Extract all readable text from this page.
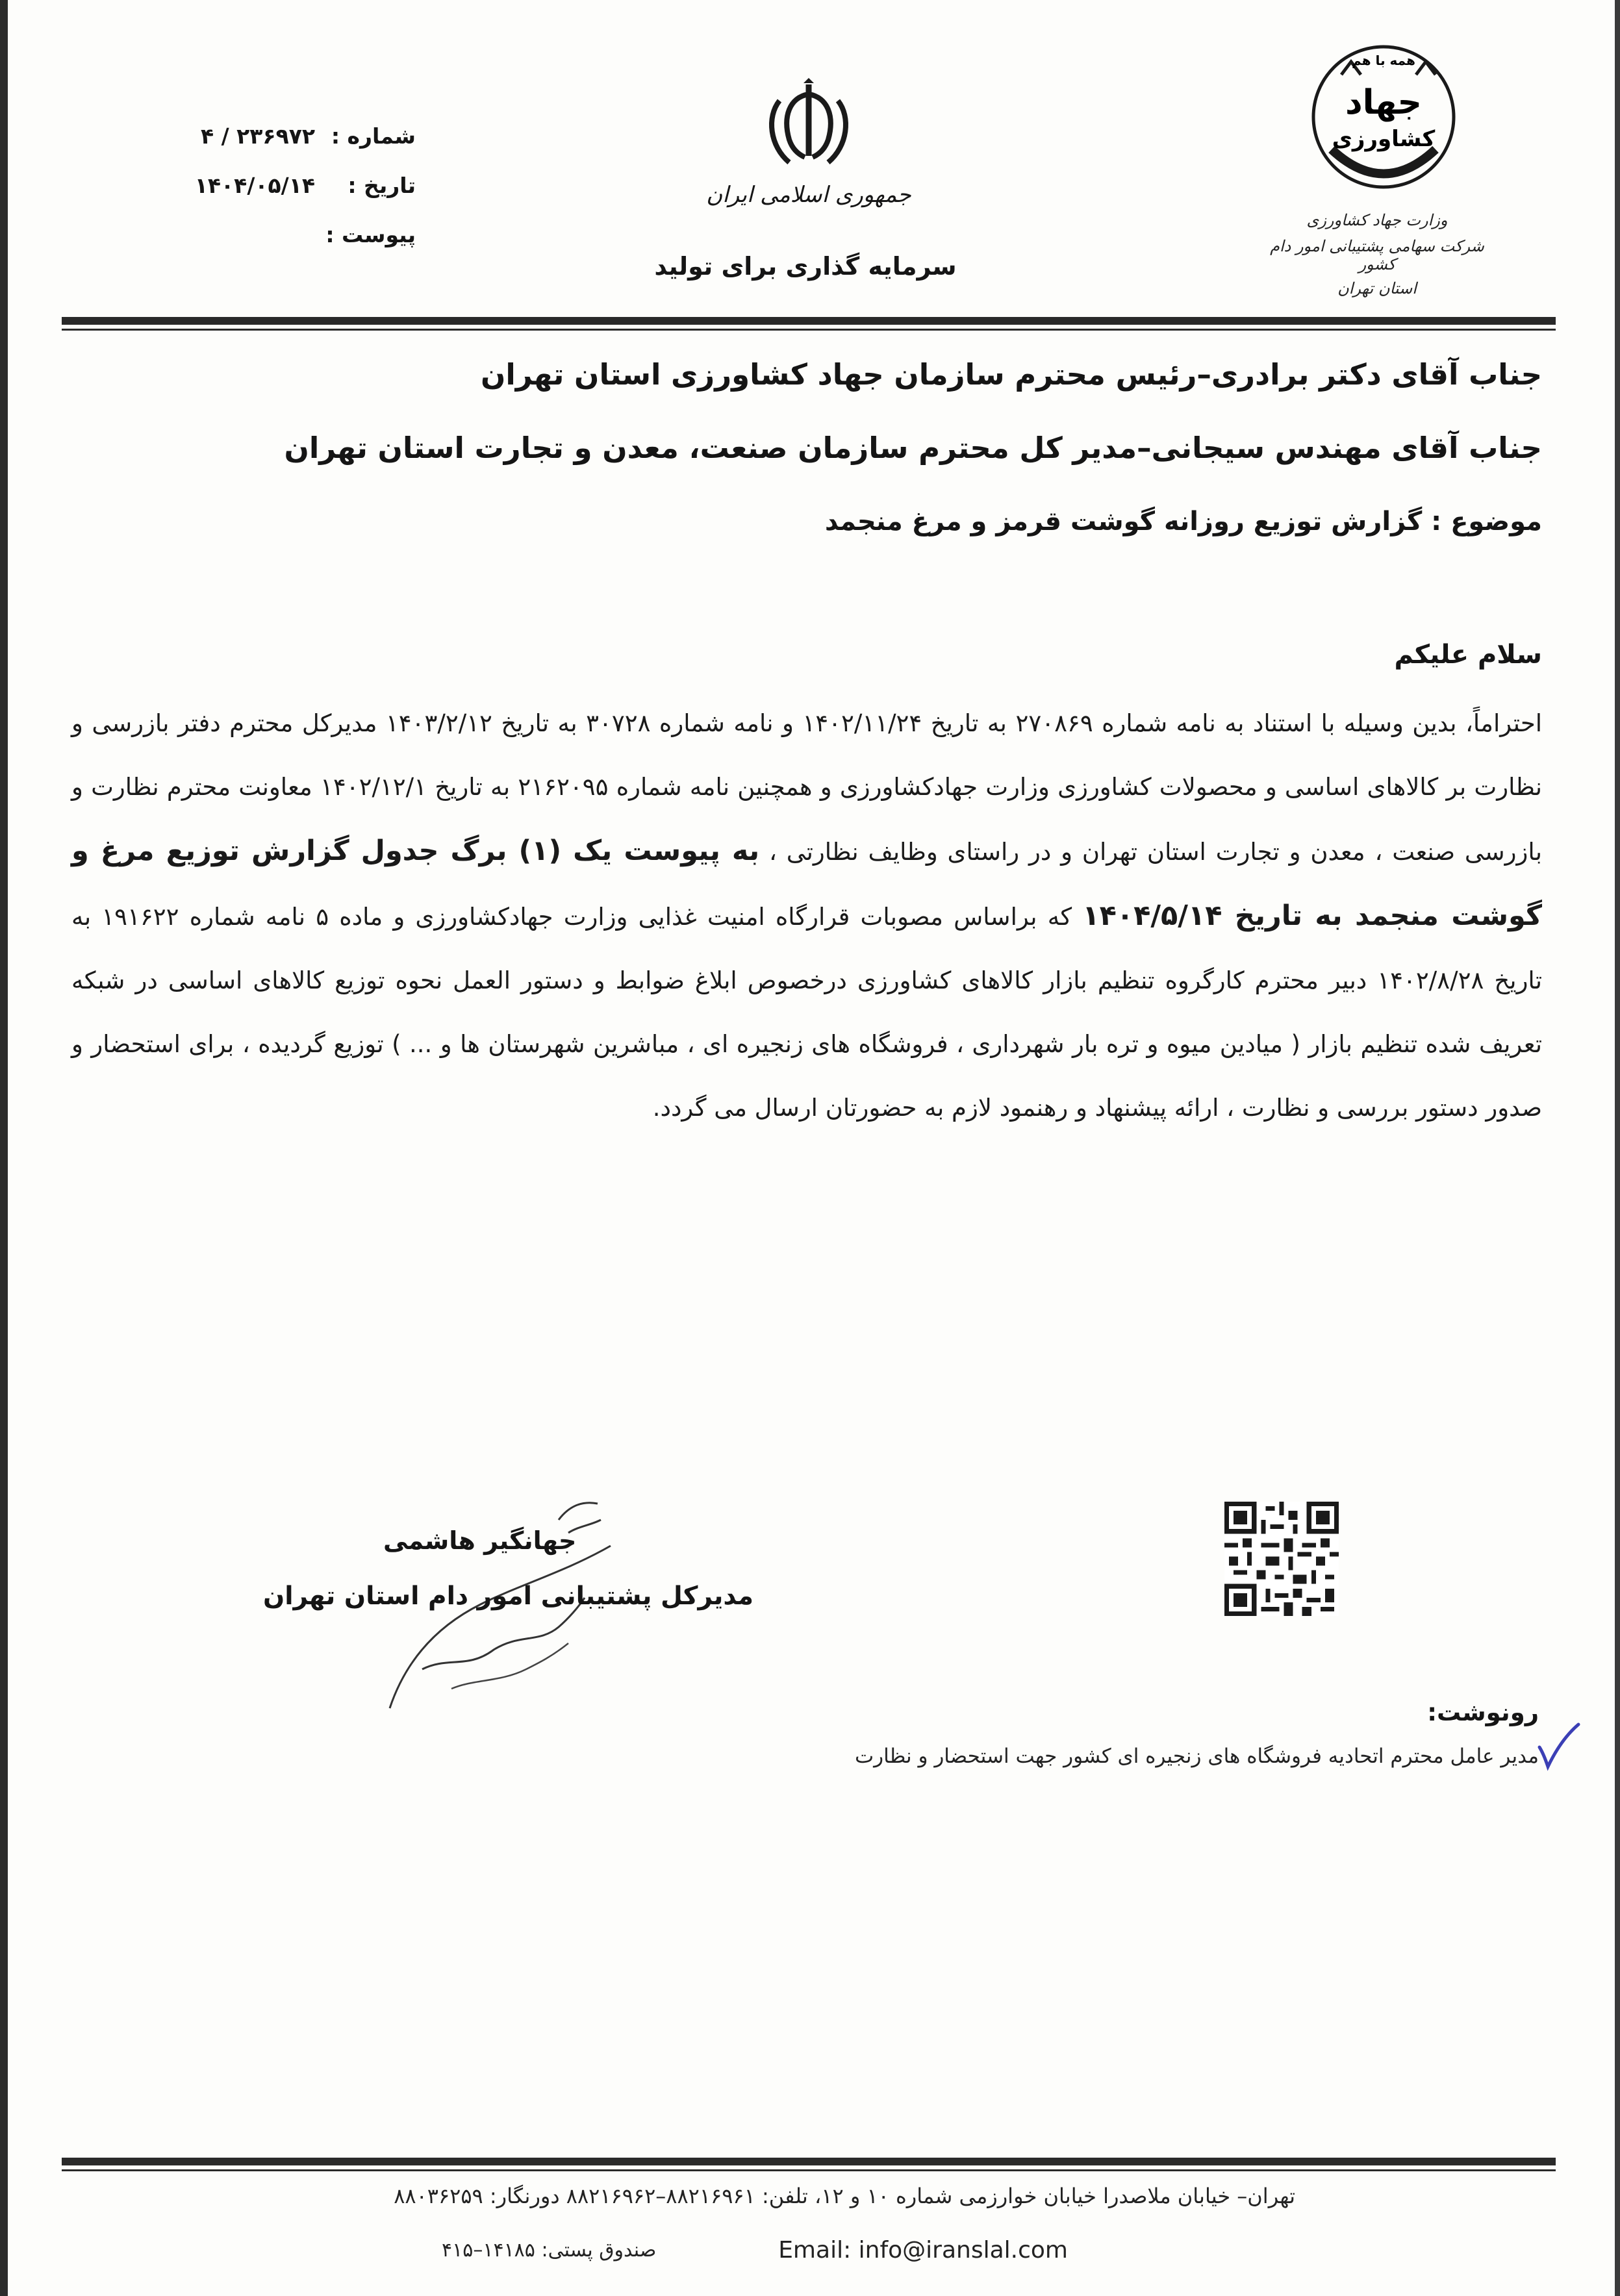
همه با هم
جهاد
کشاورزی
وزارت جهاد کشاورزی
شرکت سهامی پشتیبانی امور دام کشور
استان تهران
جمهوری اسلامی ایران
سرمایه گذاری برای تولید
شماره :
۴ / ۲۳۶۹۷۲
تاریخ :
۱۴۰۴/۰۵/۱۴
پیوست :
جناب آقای دکتر برادری–رئیس محترم سازمان جهاد کشاورزی استان تهران
جناب آقای مهندس سیجانی–مدیر کل محترم سازمان صنعت، معدن و تجارت استان تهران
موضوع : گزارش توزیع روزانه گوشت قرمز و مرغ منجمد
سلام علیکم
احتراماً، بدین وسیله با استناد به نامه شماره ۲۷۰۸۶۹ به تاریخ ۱۴۰۲/۱۱/۲۴ و نامه شماره ۳۰۷۲۸ به تاریخ ۱۴۰۳/۲/۱۲ مدیرکل محترم دفتر بازرسی و نظارت بر کالاهای اساسی و محصولات کشاورزی وزارت جهادکشاورزی و همچنین نامه شماره ۲۱۶۲۰۹۵ به تاریخ ۱۴۰۲/۱۲/۱ معاونت محترم نظارت و بازرسی صنعت ، معدن و تجارت استان تهران و در راستای وظایف نظارتی ، به پیوست یک (۱) برگ جدول گزارش توزیع مرغ و گوشت منجمد به تاریخ ۱۴۰۴/۵/۱۴ که براساس مصوبات قرارگاه امنیت غذایی وزارت جهادکشاورزی و ماده ۵ نامه شماره ۱۹۱۶۲۲ به تاریخ ۱۴۰۲/۸/۲۸ دبیر محترم کارگروه تنظیم بازار کالاهای کشاورزی درخصوص ابلاغ ضوابط و دستور العمل نحوه توزیع کالاهای اساسی در شبکه تعریف شده تنظیم بازار ( میادین میوه و تره بار شهرداری ، فروشگاه های زنجیره ای ، مباشرین شهرستان ها و ... ) توزیع گردیده ، برای استحضار و صدور دستور بررسی و نظارت ، ارائه پیشنهاد و رهنمود لازم به حضورتان ارسال می گردد.
جهانگیر هاشمی
مدیرکل پشتیبانی امور دام استان تهران
رونوشت:
مدیر عامل محترم اتحادیه فروشگاه های زنجیره ای کشور جهت استحضار و نظارت
تهران– خیابان ملاصدرا خیابان خوارزمی شماره ۱۰ و ۱۲، تلفن: ۸۸۲۱۶۹۶۱–۸۸۲۱۶۹۶۲ دورنگار: ۸۸۰۳۶۲۵۹
Email: info@iranslal.com
صندوق پستی: ۱۴۱۸۵–۴۱۵
